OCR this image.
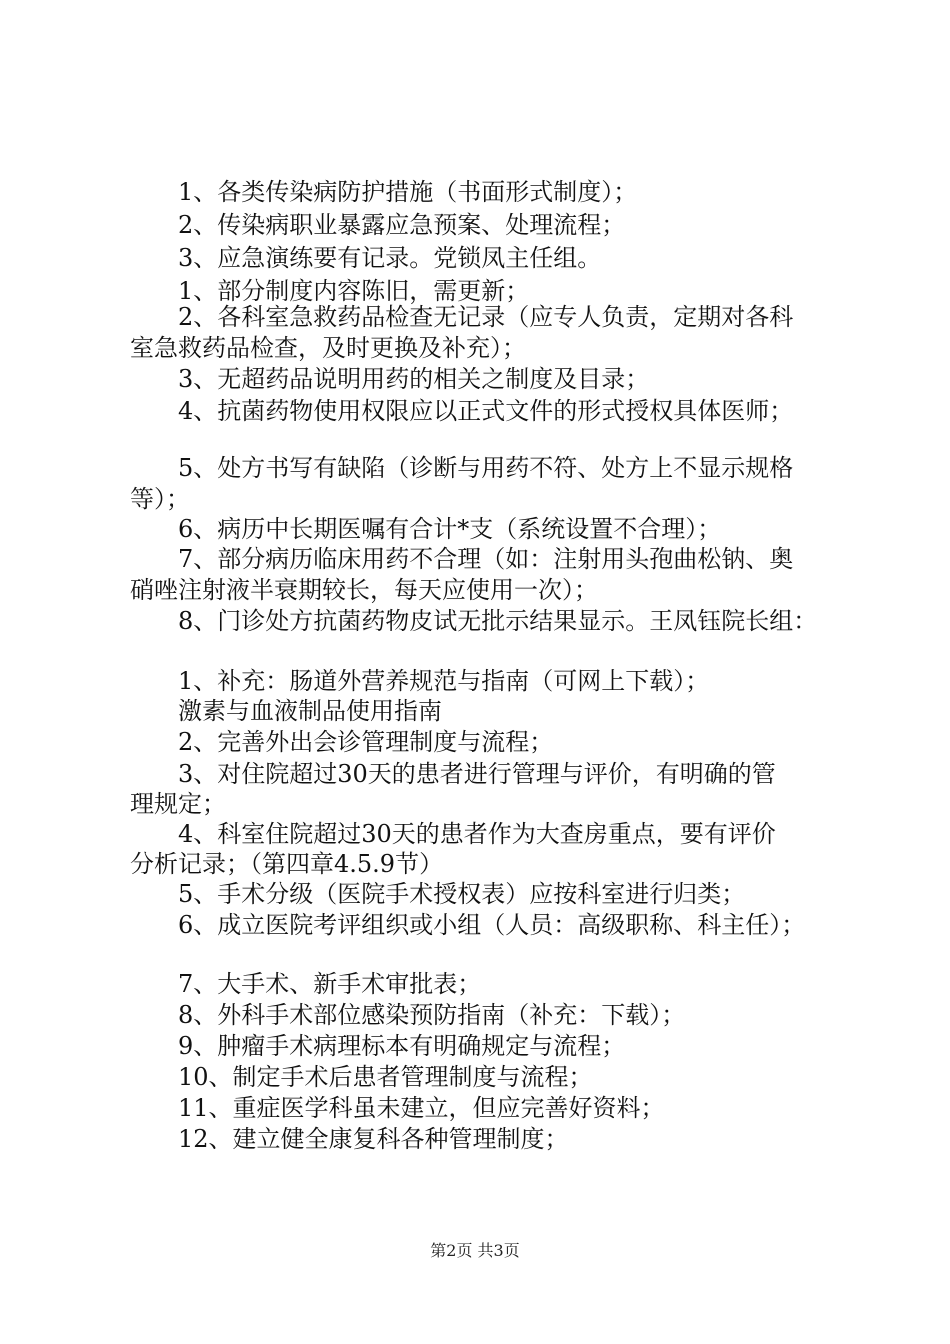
1、各类传染病防护措施（书面形式制度）；
2、传染病职业暴露应急预案、处理流程；
3、应急演练要有记录。党锁凤主任组。
1、部分制度内容陈旧，需更新；
2、各科室急救药品检查无记录（应专人负责，定期对各科
室急救药品检查，及时更换及补充）；
3、无超药品说明用药的相关之制度及目录；
4、抗菌药物使用权限应以正式文件的形式授权具体医师；
5、处方书写有缺陷（诊断与用药不符、处方上不显示规格
等）；
6、病历中长期医嘱有合计*支（系统设置不合理）；
7、部分病历临床用药不合理（如：注射用头孢曲松钠、奥
硝唑注射液半衰期较长，每天应使用一次）；
8、门诊处方抗菌药物皮试无批示结果显示。王凤钰院长组：
1、补充：肠道外营养规范与指南（可网上下载）；
激素与血液制品使用指南
2、完善外出会诊管理制度与流程；
3、对住院超过30天的患者进行管理与评价，有明确的管
理规定；
4、科室住院超过30天的患者作为大查房重点，要有评价
分析记录；（第四章4.5.9节）
5、手术分级（医院手术授权表）应按科室进行归类；
6、成立医院考评组织或小组（人员：高级职称、科主任）；
7、大手术、新手术审批表；
8、外科手术部位感染预防指南（补充：下载）；
9、肿瘤手术病理标本有明确规定与流程；
10、制定手术后患者管理制度与流程；
11、重症医学科虽未建立，但应完善好资料；
12、建立健全康复科各种管理制度；
第2页 共3页
